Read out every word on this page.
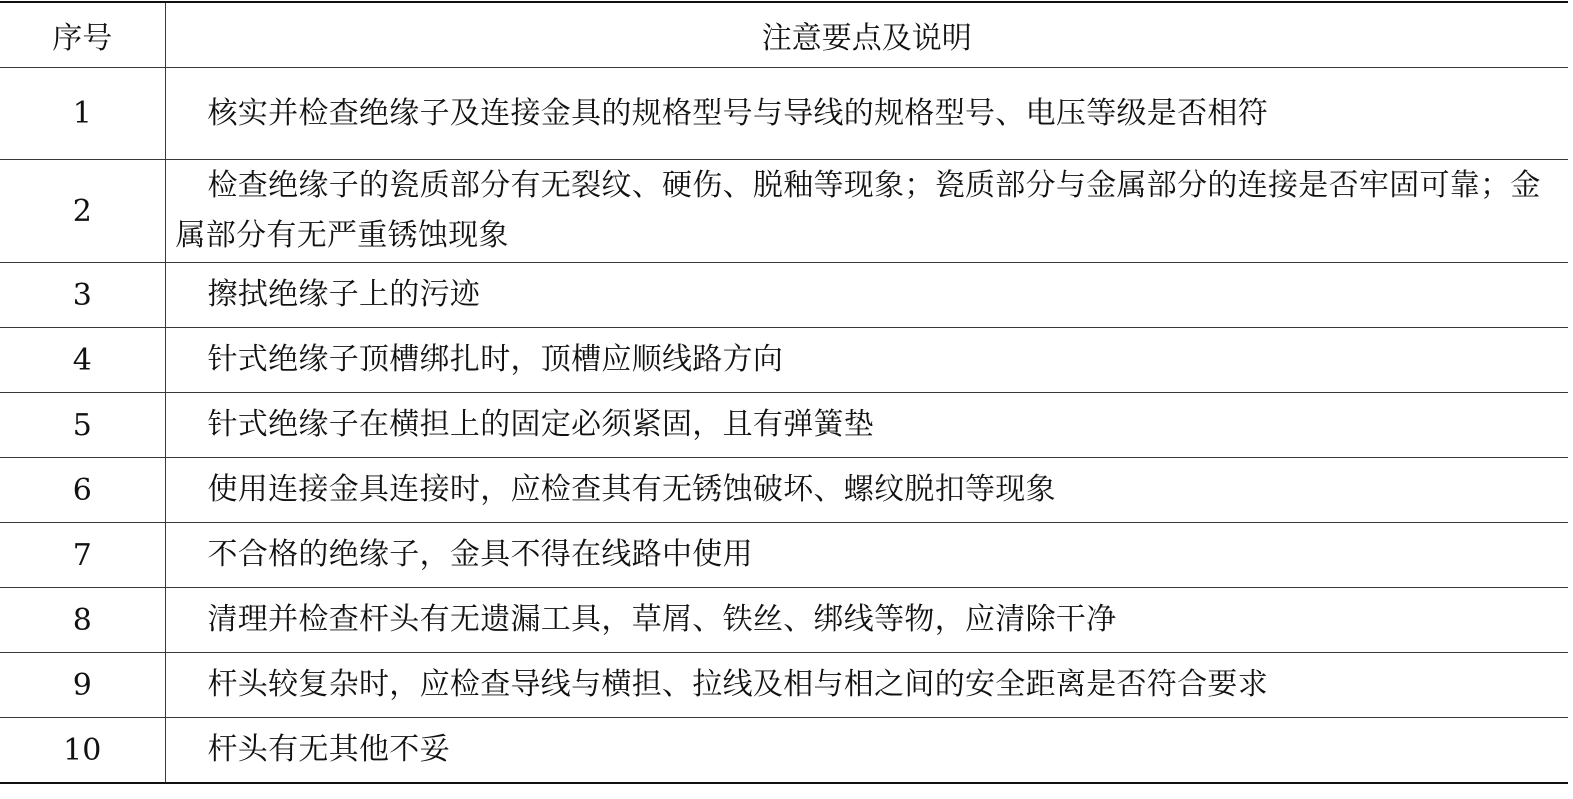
序号	注意要点及说明
1	核实并检查绝缘子及连接金具的规格型号与导线的规格型号、电压等级是否相符
2	检查绝缘子的瓷质部分有无裂纹、硬伤、脱釉等现象；瓷质部分与金属部分的连接是否牢固可靠；金属部分有无严重锈蚀现象
3	擦拭绝缘子上的污迹
4	针式绝缘子顶槽绑扎时，顶槽应顺线路方向
5	针式绝缘子在横担上的固定必须紧固，且有弹簧垫
6	使用连接金具连接时，应检查其有无锈蚀破坏、螺纹脱扣等现象
7	不合格的绝缘子，金具不得在线路中使用
8	清理并检查杆头有无遗漏工具，草屑、铁丝、绑线等物，应清除干净
9	杆头较复杂时，应检查导线与横担、拉线及相与相之间的安全距离是否符合要求
10	杆头有无其他不妥
